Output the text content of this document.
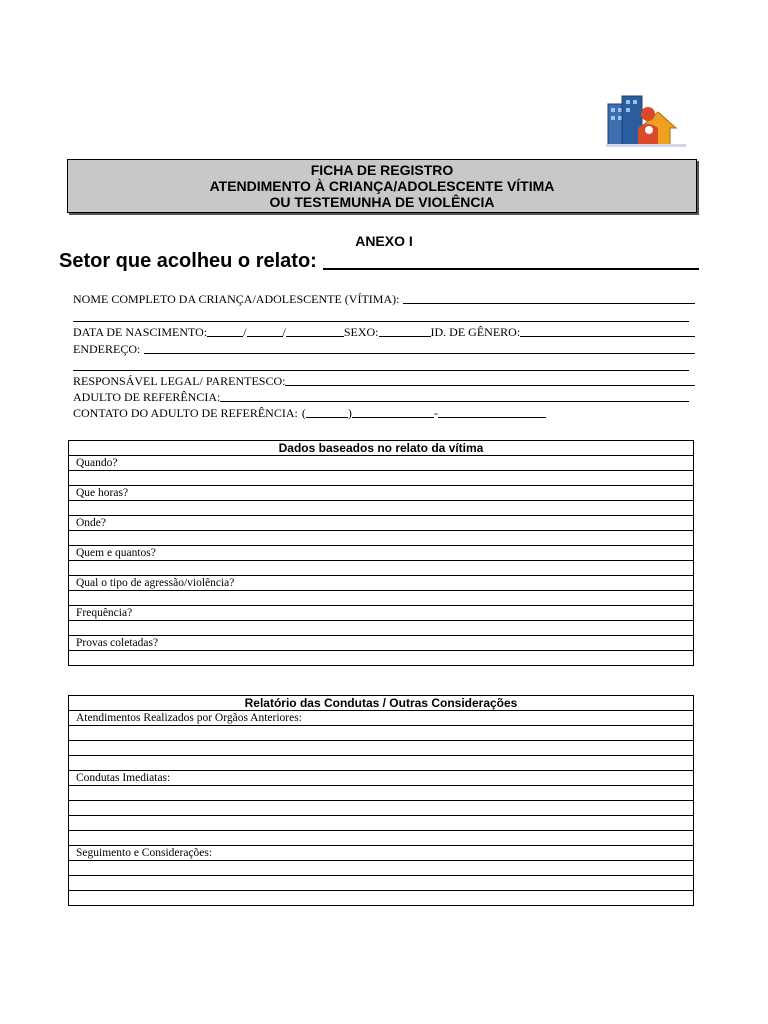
FICHA DE REGISTRO
ATENDIMENTO À CRIANÇA/ADOLESCENTE VÍTIMA
OU TESTEMUNHA DE VIOLÊNCIA
ANEXO I
Setor que acolheu o relato:
NOME COMPLETO DA CRIANÇA/ADOLESCENTE (VÍTIMA):
DATA DE NASCIMENTO:	/	/	SEXO:	ID. DE GÊNERO:
ENDEREÇO:
RESPONSÁVEL LEGAL/ PARENTESCO:
ADULTO DE REFERÊNCIA:
CONTATO DO ADULTO DE REFERÊNCIA: (	)	-
Dados baseados no relato da vítima
Quando?

Que horas?

Onde?

Quem e quantos?

Qual o tipo de agressão/violência?

Frequência?

Provas coletadas?

Relatório das Condutas / Outras Considerações
Atendimentos Realizados por Orgãos Anteriores:

Condutas Imediatas:

Seguimento e Considerações:
